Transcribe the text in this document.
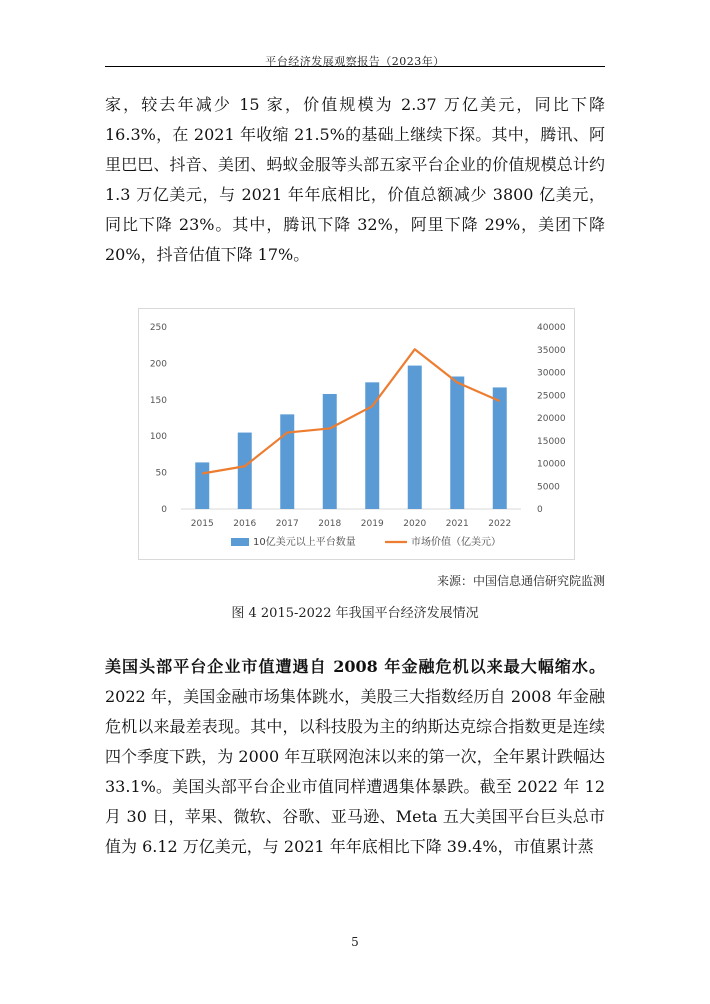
平台经济发展观察报告（2023年）

家，较去年减少 15 家，价值规模为 2.37 万亿美元，同比下降 16.3%，在 2021 年收缩 21.5%的基础上继续下探。其中，腾讯、阿里巴巴、抖音、美团、蚂蚁金服等头部五家平台企业的价值规模总计约 1.3 万亿美元，与 2021 年年底相比，价值总额减少 3800 亿美元，同比下降 23%。其中，腾讯下降 32%，阿里下降 29%，美团下降 20%，抖音估值下降 17%。

0
50
100
150
200
250
0
5000
10000
15000
20000
25000
30000
35000
40000
2015 2016 2017 2018 2019 2020 2021 2022
10亿美元以上平台数量	市场价值（亿美元）
来源：中国信息通信研究院监测
图 4 2015-2022 年我国平台经济发展情况

美国头部平台企业市值遭遇自 2008 年金融危机以来最大幅缩水。2022 年，美国金融市场集体跳水，美股三大指数经历自 2008 年金融危机以来最差表现。其中，以科技股为主的纳斯达克综合指数更是连续四个季度下跌，为 2000 年互联网泡沫以来的第一次，全年累计跌幅达 33.1%。美国头部平台企业市值同样遭遇集体暴跌。截至 2022 年 12 月 30 日，苹果、微软、谷歌、亚马逊、Meta 五大美国平台巨头总市值为 6.12 万亿美元，与 2021 年年底相比下降 39.4%，市值累计蒸

5
